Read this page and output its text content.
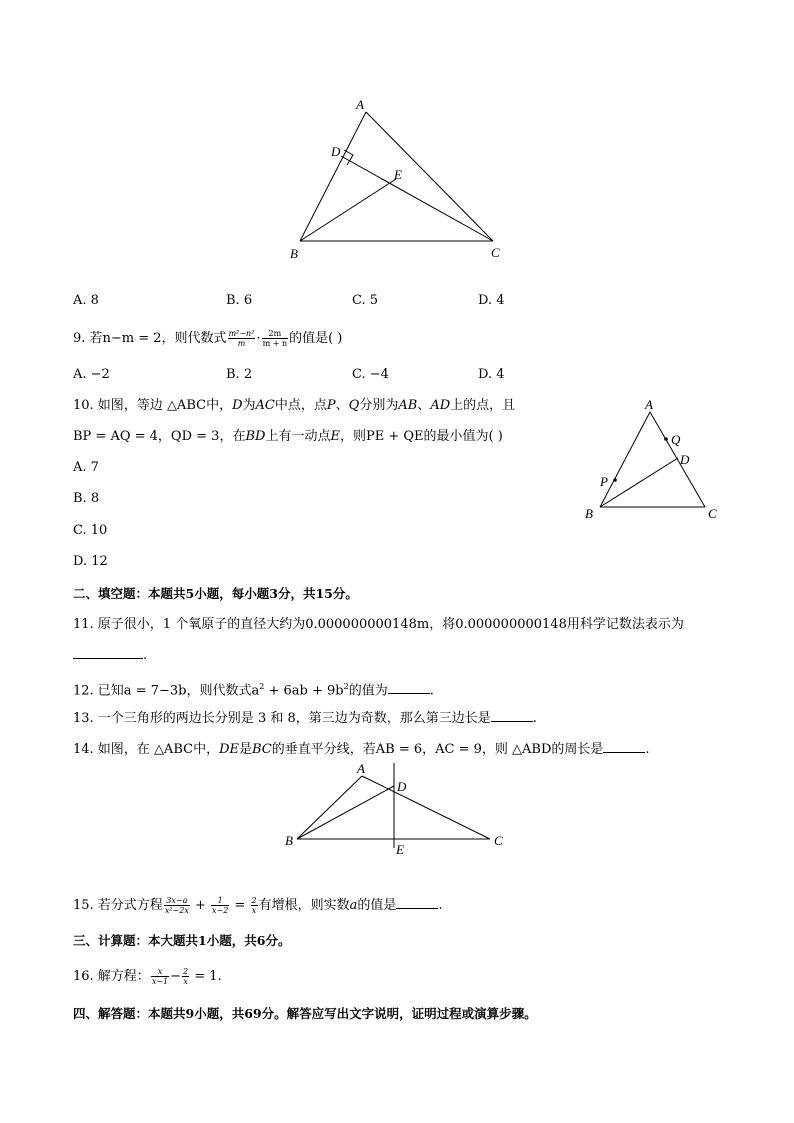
A
D
E
B	C
A. 8	B. 6	C. 5	D. 4
9. 若n−m = 2，则代数式 $\frac{\text{m²−n²}}{m} \cdot \frac{2m}{m + n}$ 的值是( )
A. −2	B. 2	C. −4	D. 4
10. 如图，等边 △ABC中，D为AC中点，点P、Q分别为AB、AD上的点，且
BP = AQ = 4，QD = 3，在BD上有一动点E，则PE + QE的最小值为( )
A. 7
B. 8
C. 10
D. 12
A
Q
D
P
B	C
二、填空题：本题共5小题，每小题3分，共15分。
11. 原子很小，1 个氧原子的直径大约为0.000000000148m，将0.000000000148用科学记数法表示为
.
12. 已知a = 7−3b，则代数式$a^2 + 6ab + 9b^2$的值为	.
13. 一个三角形的两边长分别是 3 和 8，第三边为奇数，那么第三边长是	.
14. 如图，在 △ABC中，DE是BC的垂直平分线，若AB = 6，AC = 9，则 △ABD的周长是	.
A
D
B	C
E
15. 若分式方程 $\frac{3x-a}{\text{x²−2x}} + \frac{1}{x-2} = \frac{2}{x}$ 有增根，则实数a的值是	.
三、计算题：本大题共1小题，共6分。
16. 解方程： $\frac{x}{x-1} - \frac{2}{x} = 1$.
四、解答题：本题共9小题，共69分。解答应写出文字说明，证明过程或演算步骤。
